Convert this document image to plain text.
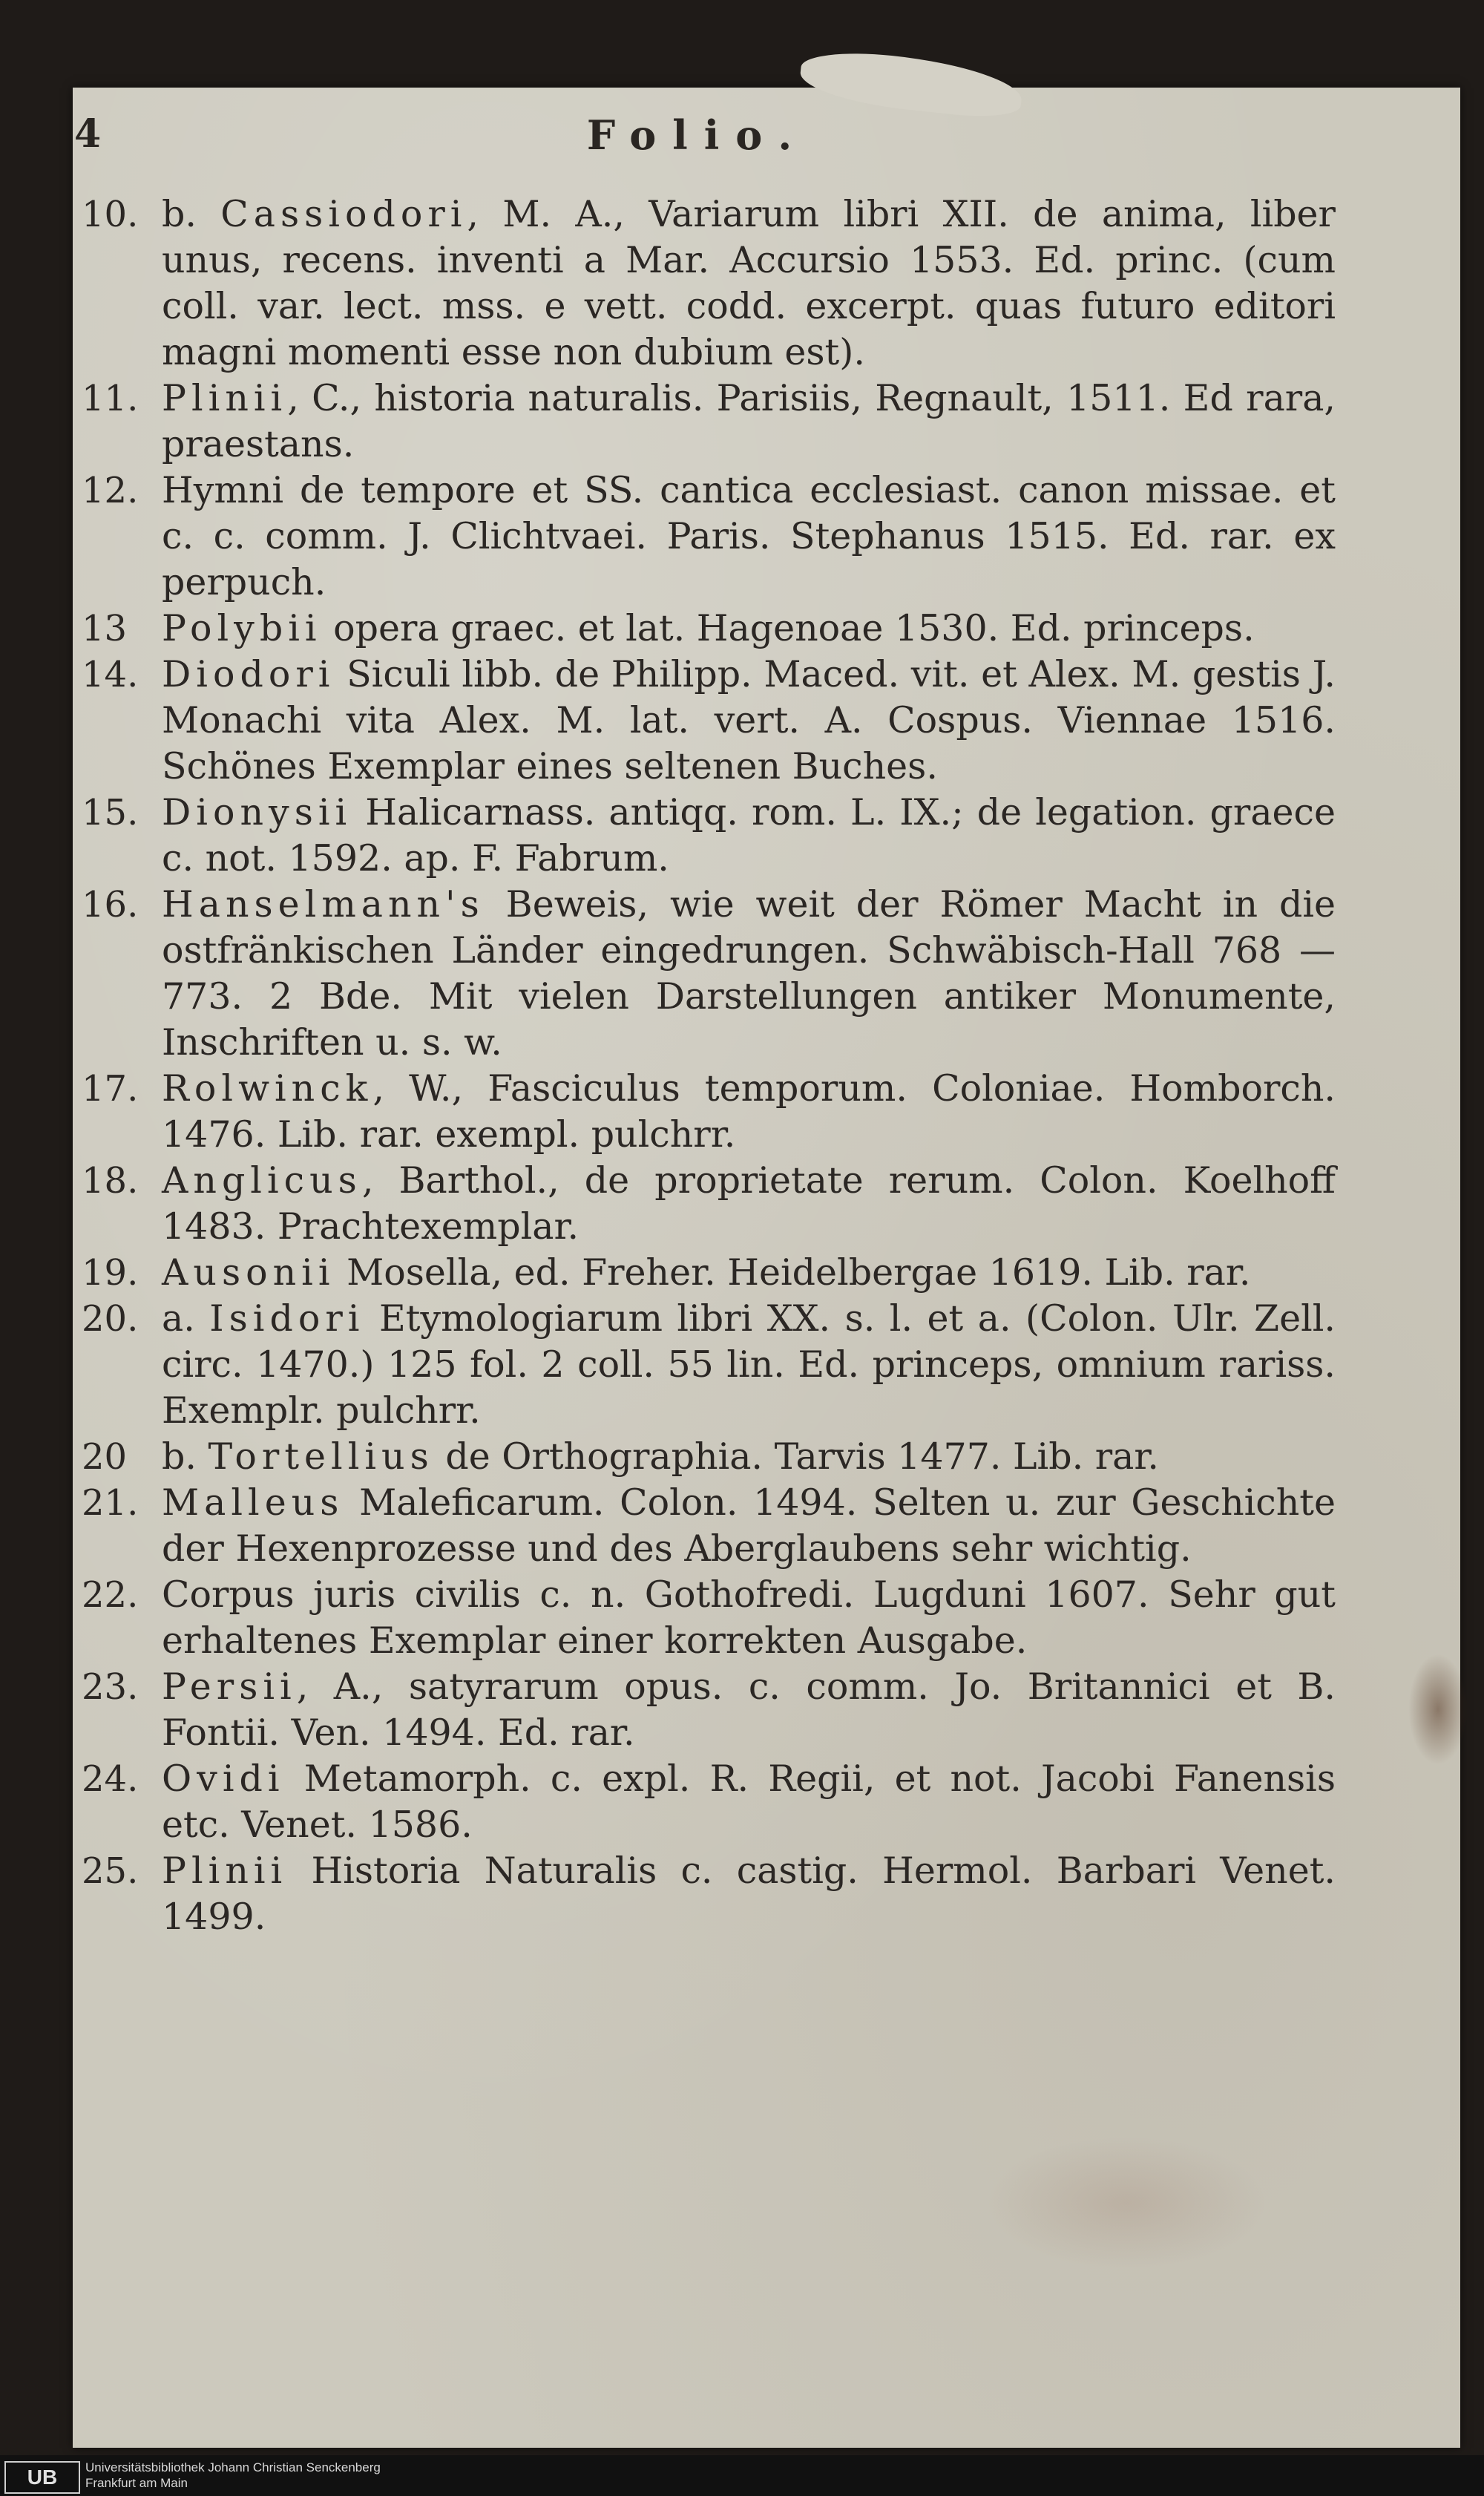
4	Folio.
10. b. Cassiodori, M. A., Variarum libri XII. de anima, liber unus, recens. inventi a Mar. Accursio 1553. Ed. princ. (cum coll. var. lect. mss. e vett. codd. excerpt. quas futuro editori magni momenti esse non dubium est).
11. Plinii, C., historia naturalis. Parisiis, Regnault, 1511. Ed rara, praestans.
12. Hymni de tempore et SS. cantica ecclesiast. canon missae. et c. c. comm. J. Clichtvaei. Paris. Stephanus 1515. Ed. rar. ex perpuch.
13 Polybii opera graec. et lat. Hagenoae 1530. Ed. princeps.
14. Diodori Siculi libb. de Philipp. Maced. vit. et Alex. M. gestis J. Monachi vita Alex. M. lat. vert. A. Cospus. Viennae 1516. Schönes Exemplar eines seltenen Buches.
15. Dionysii Halicarnass. antiqq. rom. L. IX.; de legation. graece c. not. 1592. ap. F. Fabrum.
16. Hanselmann's Beweis, wie weit der Römer Macht in die ostfränkischen Länder eingedrungen. Schwäbisch-Hall 768 — 773. 2 Bde. Mit vielen Darstellungen antiker Monumente, Inschriften u. s. w.
17. Rolwinck, W., Fasciculus temporum. Coloniae. Homborch. 1476. Lib. rar. exempl. pulchrr.
18. Anglicus, Barthol., de proprietate rerum. Colon. Koelhoff 1483. Prachtexemplar.
19. Ausonii Mosella, ed. Freher. Heidelbergae 1619. Lib. rar.
20. a. Isidori Etymologiarum libri XX. s. l. et a. (Colon. Ulr. Zell. circ. 1470.) 125 fol. 2 coll. 55 lin. Ed. princeps, omnium rariss. Exemplr. pulchrr.
20 b. Tortellius de Orthographia. Tarvis 1477. Lib. rar.
21. Malleus Maleficarum. Colon. 1494. Selten u. zur Geschichte der Hexenprozesse und des Aberglaubens sehr wichtig.
22. Corpus juris civilis c. n. Gothofredi. Lugduni 1607. Sehr gut erhaltenes Exemplar einer korrekten Ausgabe.
23. Persii, A., satyrarum opus. c. comm. Jo. Britannici et B. Fontii. Ven. 1494. Ed. rar.
24. Ovidi Metamorph. c. expl. R. Regii, et not. Jacobi Fanensis etc. Venet. 1586.
25. Plinii Historia Naturalis c. castig. Hermol. Barbari Venet. 1499.
UB	Universitätsbibliothek Johann Christian Senckenberg
Frankfurt am Main
